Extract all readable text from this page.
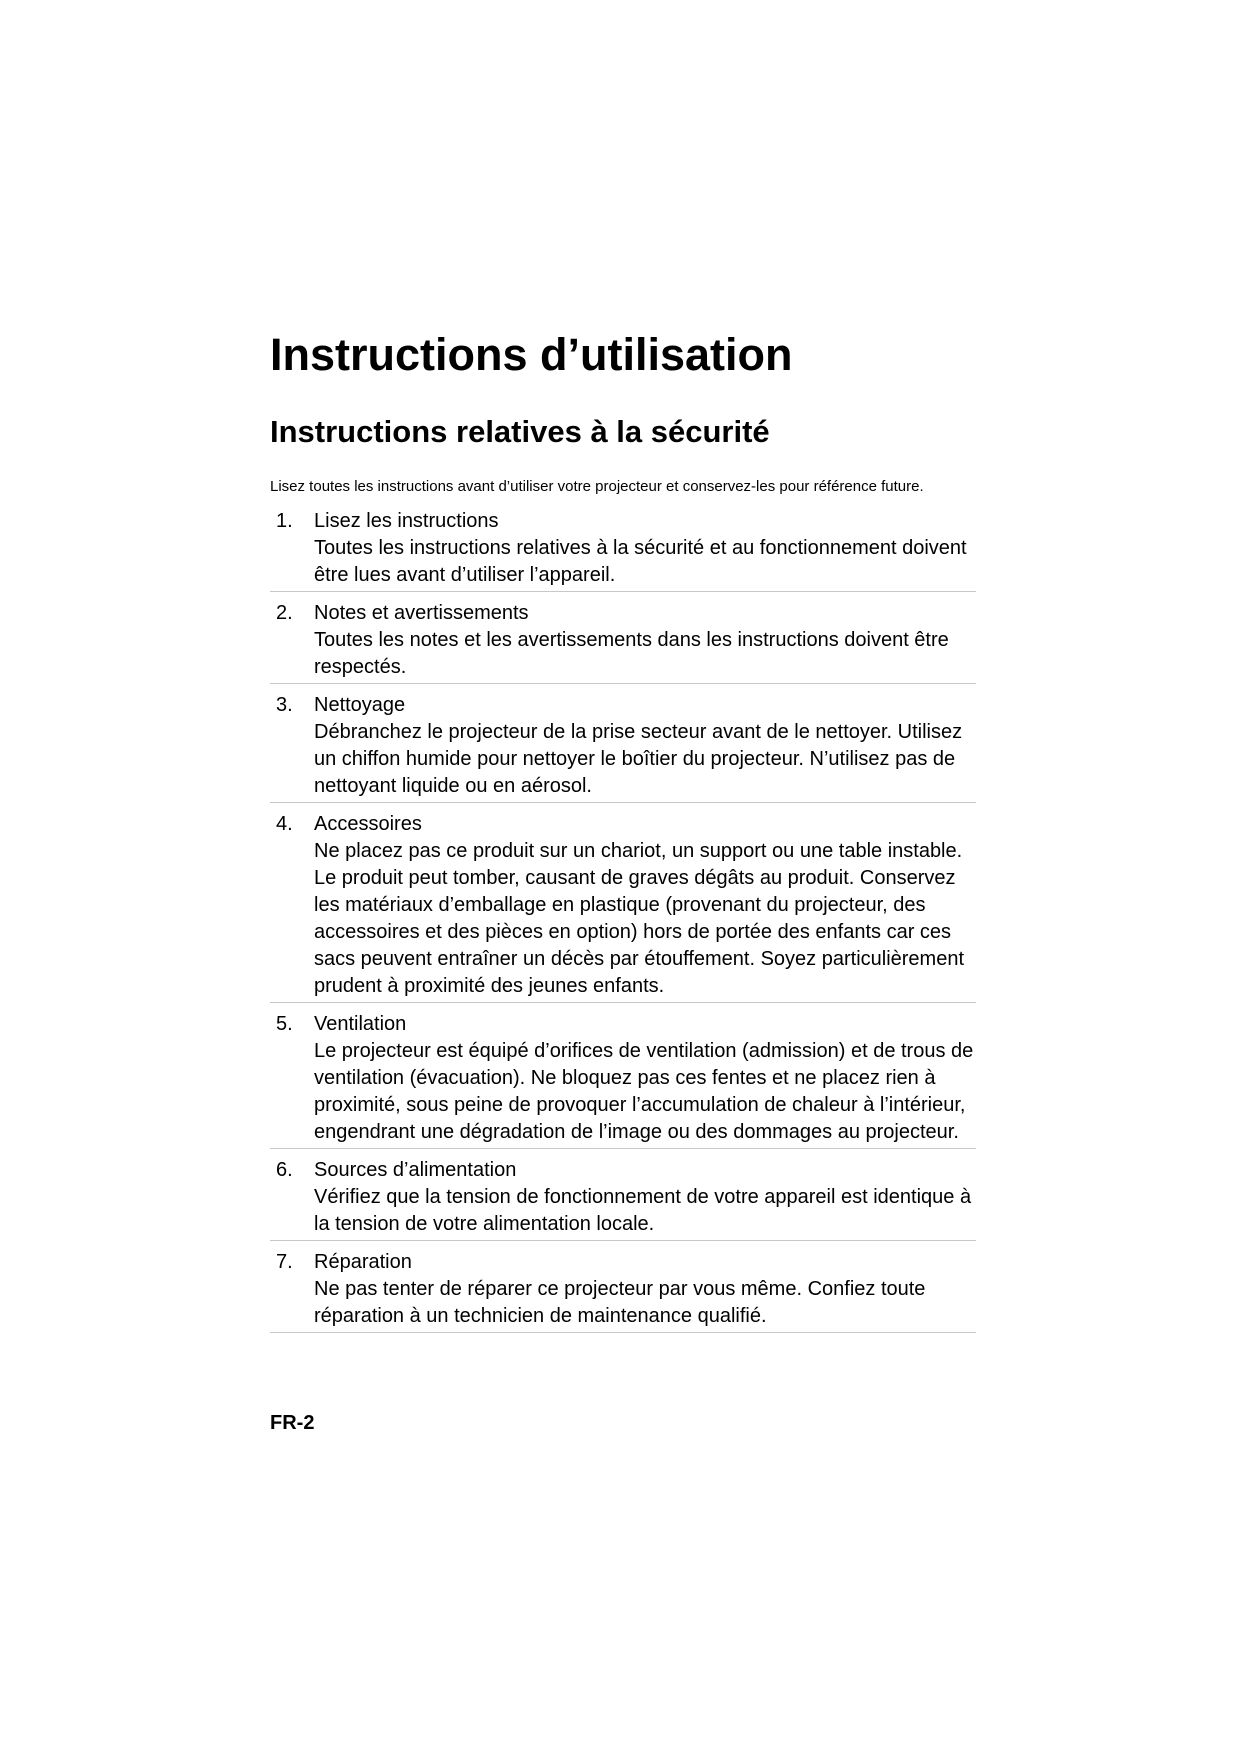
Instructions d’utilisation
Instructions relatives à la sécurité

Lisez toutes les instructions avant d’utiliser votre projecteur et conservez-les pour référence future.

1.	Lisez les instructions
Toutes les instructions relatives à la sécurité et au fonctionnement doivent être lues avant d’utiliser l’appareil.
2.	Notes et avertissements
Toutes les notes et les avertissements dans les instructions doivent être respectés.
3.	Nettoyage
Débranchez le projecteur de la prise secteur avant de le nettoyer. Utilisez un chiffon humide pour nettoyer le boîtier du projecteur. N’utilisez pas de nettoyant liquide ou en aérosol.
4.	Accessoires
Ne placez pas ce produit sur un chariot, un support ou une table instable. Le produit peut tomber, causant de graves dégâts au produit. Conservez les matériaux d’emballage en plastique (provenant du projecteur, des accessoires et des pièces en option) hors de portée des enfants car ces sacs peuvent entraîner un décès par étouffement. Soyez particulièrement prudent à proximité des jeunes enfants.
5.	Ventilation
Le projecteur est équipé d’orifices de ventilation (admission) et de trous de ventilation (évacuation). Ne bloquez pas ces fentes et ne placez rien à proximité, sous peine de provoquer l’accumulation de chaleur à l’intérieur, engendrant une dégradation de l’image ou des dommages au projecteur.
6.	Sources d’alimentation
Vérifiez que la tension de fonctionnement de votre appareil est identique à la tension de votre alimentation locale.
7.	Réparation
Ne pas tenter de réparer ce projecteur par vous même. Confiez toute réparation à un technicien de maintenance qualifié.
FR-2
